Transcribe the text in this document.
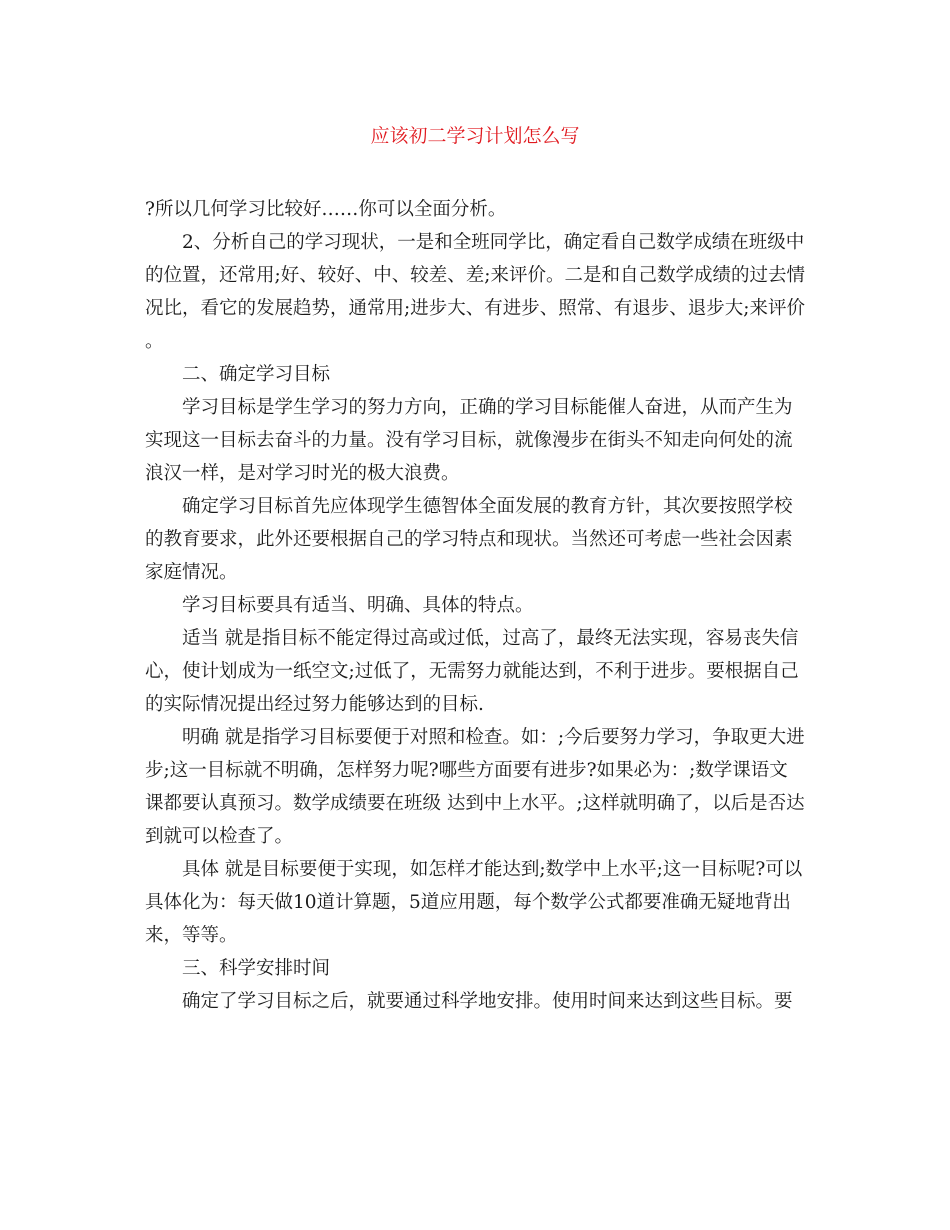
应该初二学习计划怎么写

?所以几何学习比较好……你可以全面分析。

2、分析自己的学习现状，一是和全班同学比，确定看自己数学成绩在班级中的位置，还常用;好、较好、中、较差、差;来评价。二是和自己数学成绩的过去情况比，看它的发展趋势，通常用;进步大、有进步、照常、有退步、退步大;来评价。

二、确定学习目标

学习目标是学生学习的努力方向，正确的学习目标能催人奋进，从而产生为实现这一目标去奋斗的力量。没有学习目标，就像漫步在街头不知走向何处的流浪汉一样，是对学习时光的极大浪费。

确定学习目标首先应体现学生德智体全面发展的教育方针，其次要按照学校的教育要求，此外还要根据自己的学习特点和现状。当然还可考虑一些社会因素家庭情况。

学习目标要具有适当、明确、具体的特点。

适当 就是指目标不能定得过高或过低，过高了，最终无法实现，容易丧失信心，使计划成为一纸空文;过低了，无需努力就能达到，不利于进步。要根据自己的实际情况提出经过努力能够达到的目标.

明确 就是指学习目标要便于对照和检查。如：;今后要努力学习，争取更大进步;这一目标就不明确，怎样努力呢?哪些方面要有进步?如果必为：;数学课语文课都要认真预习。数学成绩要在班级 达到中上水平。;这样就明确了，以后是否达到就可以检查了。

具体 就是目标要便于实现，如怎样才能达到;数学中上水平;这一目标呢?可以具体化为：每天做10道计算题，5道应用题，每个数学公式都要准确无疑地背出来，等等。

三、科学安排时间

确定了学习目标之后，就要通过科学地安排。使用时间来达到这些目标。要
